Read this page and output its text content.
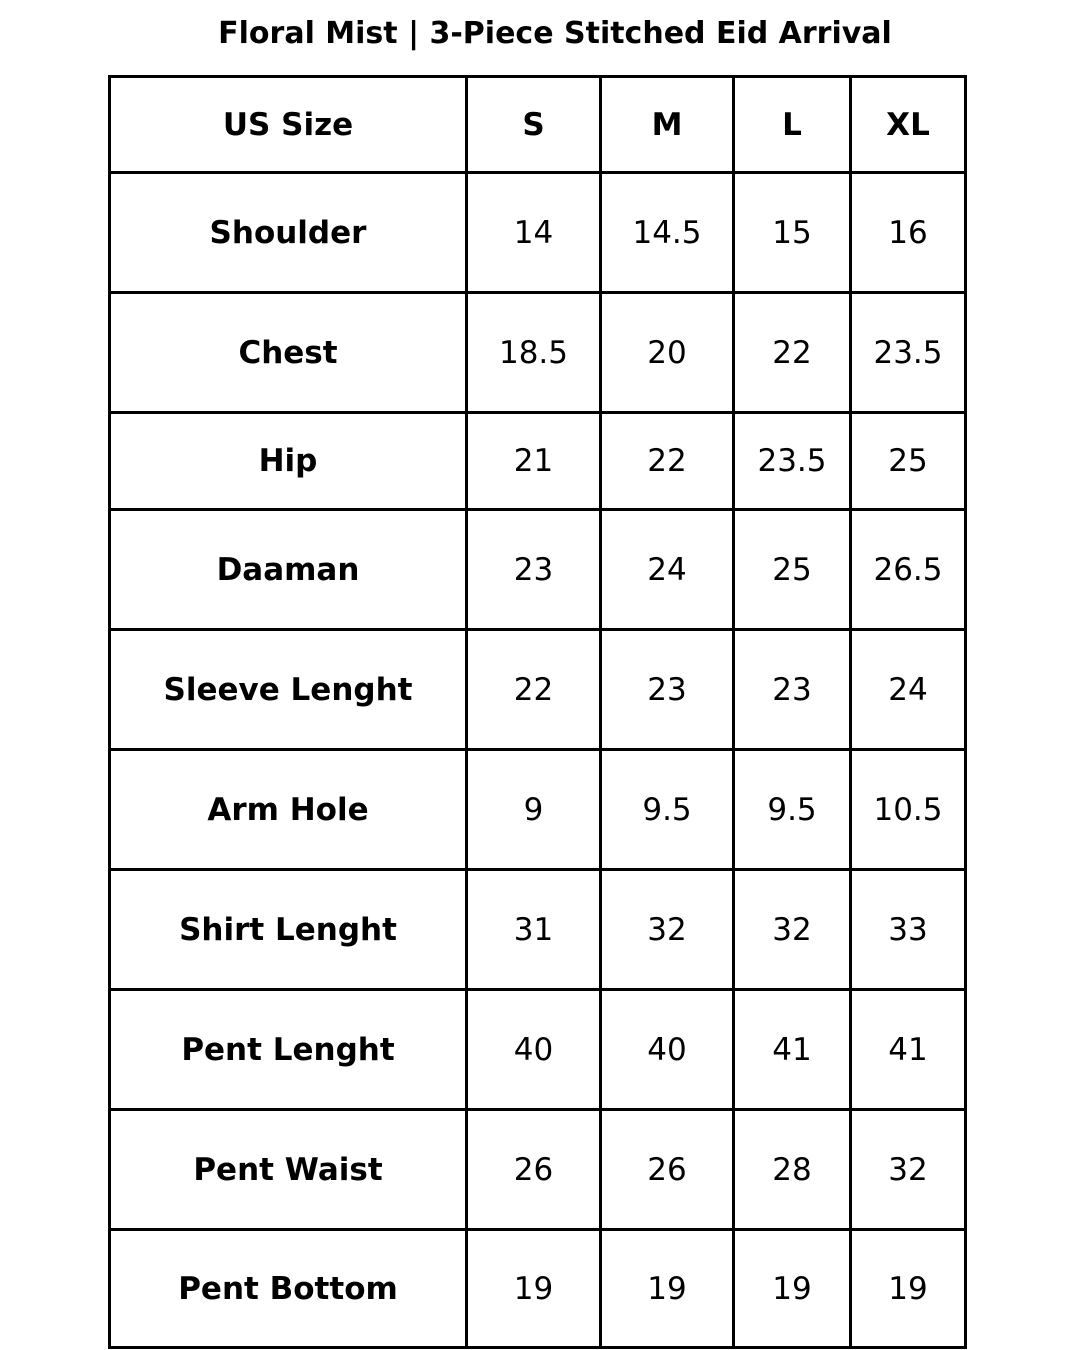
Floral Mist | 3-Piece Stitched Eid Arrival
US Size	S	M	L	XL
Shoulder	14	14.5	15	16
Chest	18.5	20	22	23.5
Hip	21	22	23.5	25
Daaman	23	24	25	26.5
Sleeve Lenght	22	23	23	24
Arm Hole	9	9.5	9.5	10.5
Shirt Lenght	31	32	32	33
Pent Lenght	40	40	41	41
Pent Waist	26	26	28	32
Pent Bottom	19	19	19	19
